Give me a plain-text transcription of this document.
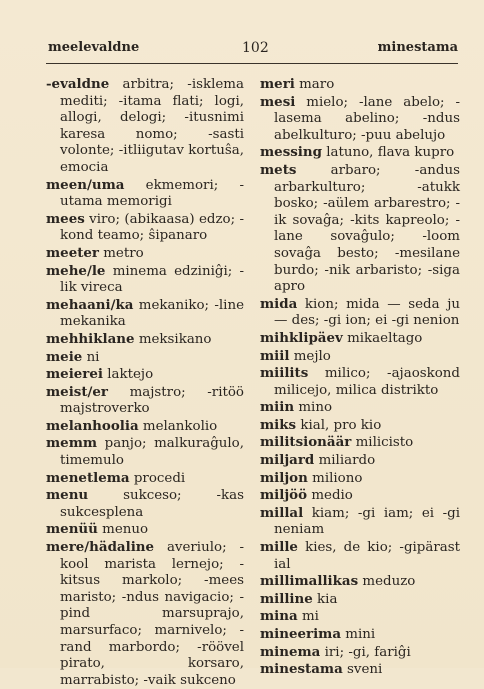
meelevaldne	102	minestama

-evaldne arbitra; -isklema mediti; -itama flati; logi, allogi, delogi; -itusnimi karesa nomo; -sasti volonte; -itliigutav kortuŝa, emocia

meen/uma ekmemori; -utama memorigi

mees viro; (abikaasa) edzo; -kond teamo; ŝipanaro

meeter metro

mehe/le minema edziniĝi; -lik vireca

mehaani/ka mekaniko; -line mekanika

mehhiklane meksikano

meie ni

meierei laktejo

meist/er majstro; -ritöö majstroverko

melanhoolia melankolio

memm panjo; malkuraĝulo, timemulo

menetlema procedi

menu	sukceso; -kas sukcesplena

menüü menuo

mere/hädaline averiulo; -kool marista lernejo; -kitsus markolo; -mees maristo; -ndus navigacio; -pind marsuprajo, marsurfaco; marnivelo; -rand marbordo; -röövel pirato, korsaro, marrabisto; -vaik sukceno

meri maro

mesi mielo; -lane abelo; -lasema abelino; -ndus abelkulturo; -puu abelujo

messing latuno, flava kupro

mets	arbaro; -andus arbarkulturo; -atukk bosko; -aülem arbarestro; -ik sovaĝa; -kits kapreolo; -lane sovaĝulo; -loom sovaĝa besto; -mesilane burdo; -nik arbaristo; -siga apro

mida kion; mida — seda ju — des; -gi ion; ei -gi nenion

mihklipäev mikaeltago

miil mejlo

miilits milico; -ajaoskond milicejo, milica distrikto

miin mino

miks kial, pro kio

militsionäär milicisto

miljard miliardo

miljon miliono

miljöö medio

millal kiam; -gi iam; ei -gi neniam

mille kies, de kio; -gipärast ial

millimallikas meduzo

milline kia

mina mi

mineerima mini

minema iri; -gi, fariĝi

minestama sveni
